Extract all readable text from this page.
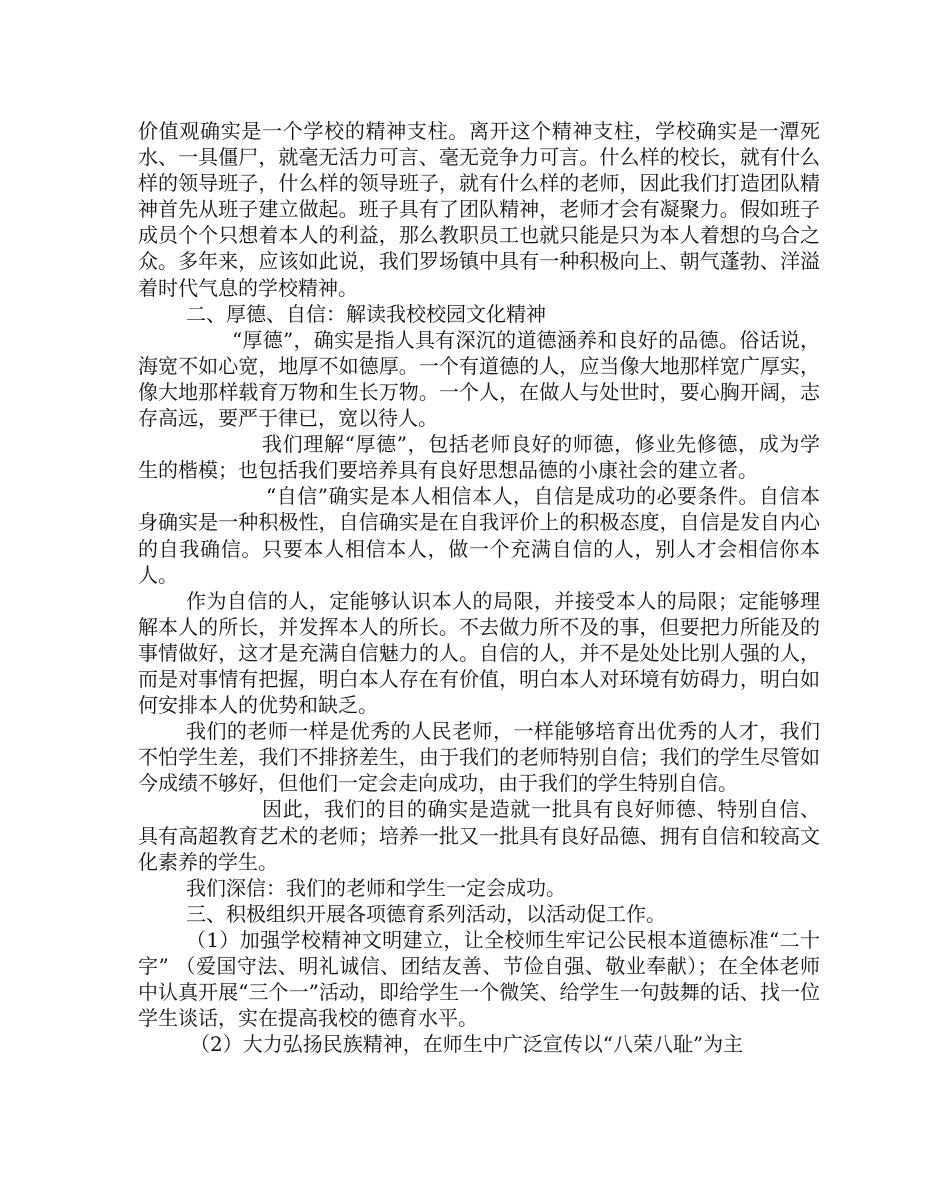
价值观确实是一个学校的精神支柱。离开这个精神支柱，学校确实是一潭死水、一具僵尸，就毫无活力可言、毫无竞争力可言。什么样的校长，就有什么样的领导班子，什么样的领导班子，就有什么样的老师，因此我们打造团队精神首先从班子建立做起。班子具有了团队精神，老师才会有凝聚力。假如班子成员个个只想着本人的利益，那么教职员工也就只能是只为本人着想的乌合之众。多年来，应该如此说，我们罗场镇中具有一种积极向上、朝气蓬勃、洋溢着时代气息的学校精神。

二、厚德、自信：解读我校校园文化精神

“厚德”，确实是指人具有深沉的道德涵养和良好的品德。俗话说，海宽不如心宽，地厚不如德厚。一个有道德的人，应当像大地那样宽广厚实，像大地那样载育万物和生长万物。一个人，在做人与处世时，要心胸开阔，志存高远，要严于律已，宽以待人。

我们理解“厚德”，包括老师良好的师德，修业先修德，成为学生的楷模；也包括我们要培养具有良好思想品德的小康社会的建立者。

“自信”确实是本人相信本人，自信是成功的必要条件。自信本身确实是一种积极性，自信确实是在自我评价上的积极态度，自信是发自内心的自我确信。只要本人相信本人，做一个充满自信的人，别人才会相信你本人。

作为自信的人，定能够认识本人的局限，并接受本人的局限；定能够理解本人的所长，并发挥本人的所长。不去做力所不及的事，但要把力所能及的事情做好，这才是充满自信魅力的人。自信的人，并不是处处比别人强的人，而是对事情有把握，明白本人存在有价值，明白本人对环境有妨碍力，明白如何安排本人的优势和缺乏。

我们的老师一样是优秀的人民老师，一样能够培育出优秀的人才，我们不怕学生差，我们不排挤差生，由于我们的老师特别自信；我们的学生尽管如今成绩不够好，但他们一定会走向成功，由于我们的学生特别自信。

因此，我们的目的确实是造就一批具有良好师德、特别自信、具有高超教育艺术的老师；培养一批又一批具有良好品德、拥有自信和较高文化素养的学生。

我们深信：我们的老师和学生一定会成功。

三、积极组织开展各项德育系列活动，以活动促工作。

（1）加强学校精神文明建立，让全校师生牢记公民根本道德标准“二十字” （爱国守法、明礼诚信、团结友善、节俭自强、敬业奉献）；在全体老师中认真开展“三个一”活动，即给学生一个微笑、给学生一句鼓舞的话、找一位学生谈话，实在提高我校的德育水平。

（2）大力弘扬民族精神，在师生中广泛宣传以“八荣八耻”为主
